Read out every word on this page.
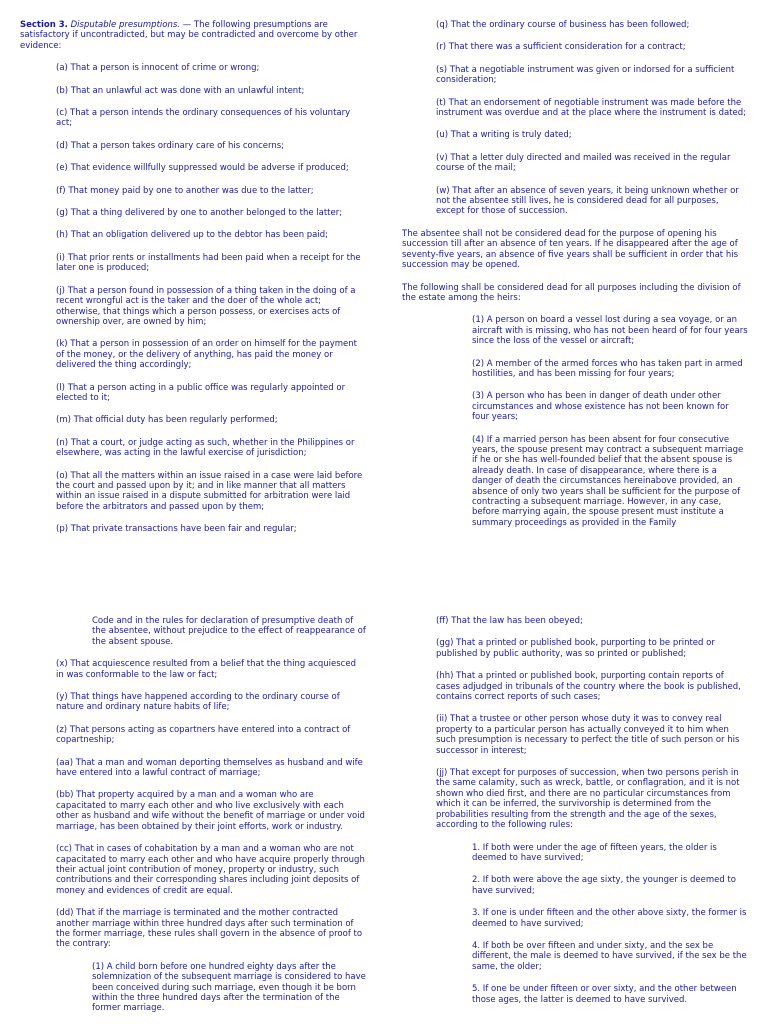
Section 3. Disputable presumptions. — The following presumptions are satisfactory if uncontradicted, but may be contradicted and overcome by other evidence:

(a) That a person is innocent of crime or wrong;

(b) That an unlawful act was done with an unlawful intent;

(c) That a person intends the ordinary consequences of his voluntary act;

(d) That a person takes ordinary care of his concerns;

(e) That evidence willfully suppressed would be adverse if produced;

(f) That money paid by one to another was due to the latter;

(g) That a thing delivered by one to another belonged to the latter;

(h) That an obligation delivered up to the debtor has been paid;

(i) That prior rents or installments had been paid when a receipt for the later one is produced;

(j) That a person found in possession of a thing taken in the doing of a recent wrongful act is the taker and the doer of the whole act; otherwise, that things which a person possess, or exercises acts of ownership over, are owned by him;

(k) That a person in possession of an order on himself for the payment of the money, or the delivery of anything, has paid the money or delivered the thing accordingly;

(l) That a person acting in a public office was regularly appointed or elected to it;

(m) That official duty has been regularly performed;

(n) That a court, or judge acting as such, whether in the Philippines or elsewhere, was acting in the lawful exercise of jurisdiction;

(o) That all the matters within an issue raised in a case were laid before the court and passed upon by it; and in like manner that all matters within an issue raised in a dispute submitted for arbitration were laid before the arbitrators and passed upon by them;

(p) That private transactions have been fair and regular;

(q) That the ordinary course of business has been followed;

(r) That there was a sufficient consideration for a contract;

(s) That a negotiable instrument was given or indorsed for a sufficient consideration;

(t) That an endorsement of negotiable instrument was made before the instrument was overdue and at the place where the instrument is dated;

(u) That a writing is truly dated;

(v) That a letter duly directed and mailed was received in the regular course of the mail;

(w) That after an absence of seven years, it being unknown whether or not the absentee still lives, he is considered dead for all purposes, except for those of succession.

The absentee shall not be considered dead for the purpose of opening his succession till after an absence of ten years. If he disappeared after the age of seventy-five years, an absence of five years shall be sufficient in order that his succession may be opened.

The following shall be considered dead for all purposes including the division of the estate among the heirs:

(1) A person on board a vessel lost during a sea voyage, or an aircraft with is missing, who has not been heard of for four years since the loss of the vessel or aircraft;

(2) A member of the armed forces who has taken part in armed hostilities, and has been missing for four years;

(3) A person who has been in danger of death under other circumstances and whose existence has not been known for four years;

(4) If a married person has been absent for four consecutive years, the spouse present may contract a subsequent marriage if he or she has well-founded belief that the absent spouse is already death. In case of disappearance, where there is a danger of death the circumstances hereinabove provided, an absence of only two years shall be sufficient for the purpose of contracting a subsequent marriage. However, in any case, before marrying again, the spouse present must institute a summary proceedings as provided in the Family

Code and in the rules for declaration of presumptive death of the absentee, without prejudice to the effect of reappearance of the absent spouse.

(x) That acquiescence resulted from a belief that the thing acquiesced in was conformable to the law or fact;

(y) That things have happened according to the ordinary course of nature and ordinary nature habits of life;

(z) That persons acting as copartners have entered into a contract of copartneship;

(aa) That a man and woman deporting themselves as husband and wife have entered into a lawful contract of marriage;

(bb) That property acquired by a man and a woman who are capacitated to marry each other and who live exclusively with each other as husband and wife without the benefit of marriage or under void marriage, has been obtained by their joint efforts, work or industry.

(cc) That in cases of cohabitation by a man and a woman who are not capacitated to marry each other and who have acquire properly through their actual joint contribution of money, property or industry, such contributions and their corresponding shares including joint deposits of money and evidences of credit are equal.

(dd) That if the marriage is terminated and the mother contracted another marriage within three hundred days after such termination of the former marriage, these rules shall govern in the absence of proof to the contrary:

(1) A child born before one hundred eighty days after the solemnization of the subsequent marriage is considered to have been conceived during such marriage, even though it be born within the three hundred days after the termination of the former marriage.

(ff) That the law has been obeyed;

(gg) That a printed or published book, purporting to be printed or published by public authority, was so printed or published;

(hh) That a printed or published book, purporting contain reports of cases adjudged in tribunals of the country where the book is published, contains correct reports of such cases;

(ii) That a trustee or other person whose duty it was to convey real property to a particular person has actually conveyed it to him when such presumption is necessary to perfect the title of such person or his successor in interest;

(jj) That except for purposes of succession, when two persons perish in the same calamity, such as wreck, battle, or conflagration, and it is not shown who died first, and there are no particular circumstances from which it can be inferred, the survivorship is determined from the probabilities resulting from the strength and the age of the sexes, according to the following rules:

1. If both were under the age of fifteen years, the older is deemed to have survived;

2. If both were above the age sixty, the younger is deemed to have survived;

3. If one is under fifteen and the other above sixty, the former is deemed to have survived;

4. If both be over fifteen and under sixty, and the sex be different, the male is deemed to have survived, if the sex be the same, the older;

5. If one be under fifteen or over sixty, and the other between those ages, the latter is deemed to have survived.
